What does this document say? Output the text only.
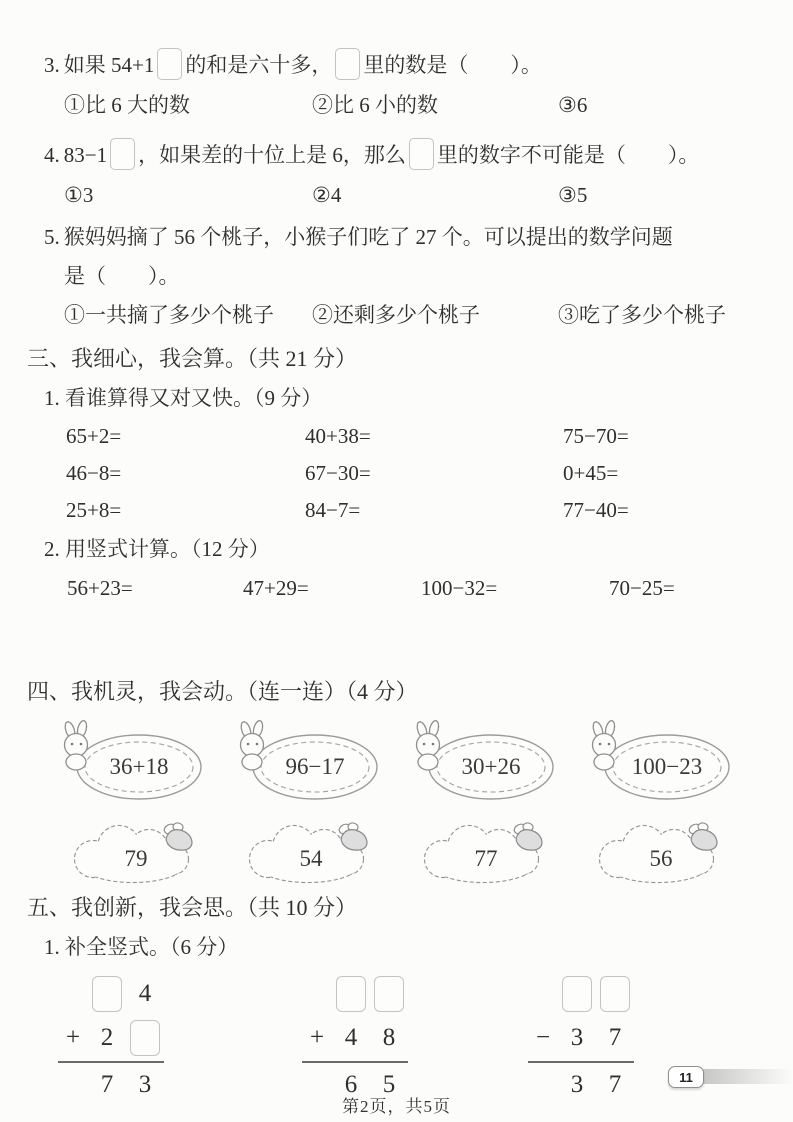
3. 如果 54+1 的和是六十多， 里的数是（　　）。
①比 6 大的数	②比 6 小的数	③6
4. 83−1 ，如果差的十位上是 6，那么 里的数字不可能是（　　）。
①3	②4	③5
5. 猴妈妈摘了 56 个桃子，小猴子们吃了 27 个。可以提出的数学问题
是（　　）。
①一共摘了多少个桃子	②还剩多少个桃子	③吃了多少个桃子
三、我细心，我会算。（共 21 分）
1. 看谁算得又对又快。（9 分）
65+2=	40+38=	75−70=
46−8=	67−30=	0+45=
25+8=	84−7=	77−40=
2. 用竖式计算。（12 分）
56+23=	47+29=	100−32=	70−25=
四、我机灵，我会动。（连一连）（4 分）
36+18	96−17	30+26	100−23
79	54	77	56
五、我创新，我会思。（共 10 分）
1. 补全竖式。（6 分）
4
+ 2
7	3
+ 4	8
6	5
− 3	7
3	7	11
第2页，共5页
